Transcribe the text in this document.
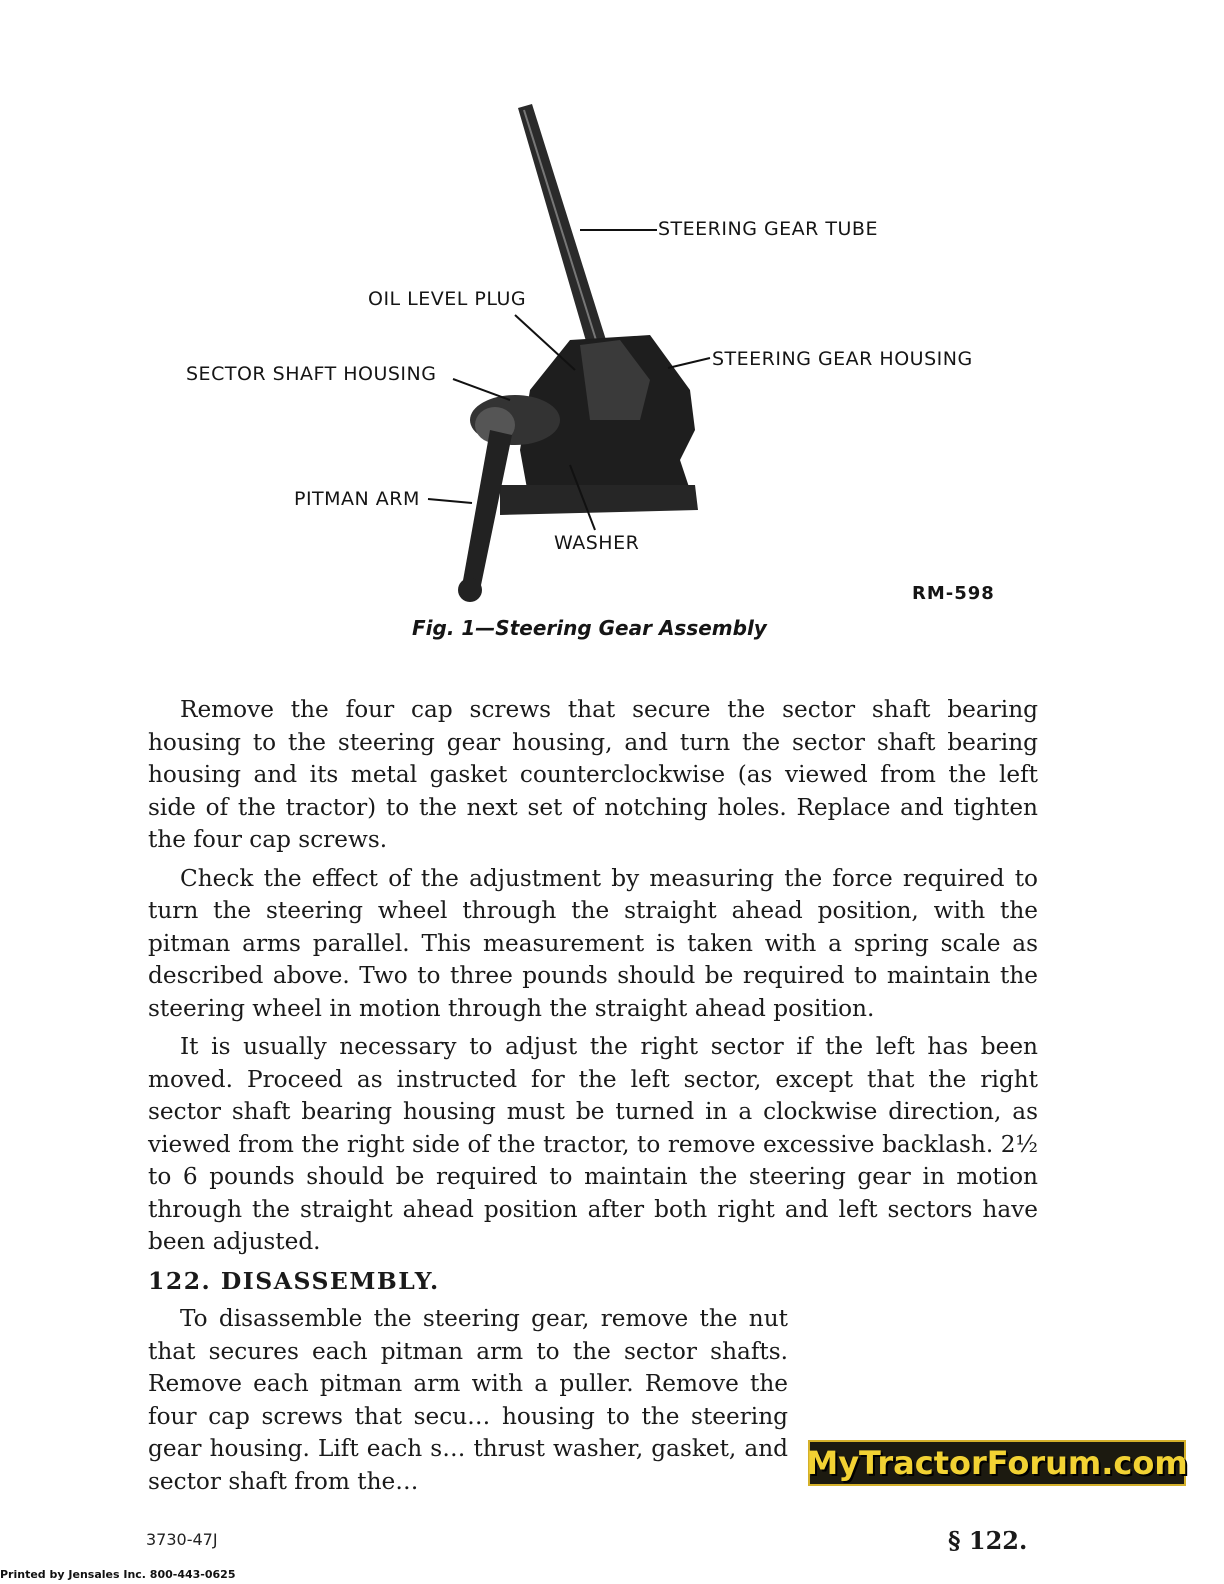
STEERING GEAR TUBE
OIL LEVEL PLUG
STEERING GEAR HOUSING
SECTOR SHAFT HOUSING
PITMAN ARM
WASHER
RM-598
Fig. 1—Steering Gear Assembly

Remove the four cap screws that secure the sector shaft bearing housing to the steering gear housing, and turn the sector shaft bearing housing and its metal gasket counterclockwise (as viewed from the left side of the tractor) to the next set of notching holes. Replace and tighten the four cap screws.

Check the effect of the adjustment by measuring the force required to turn the steering wheel through the straight ahead position, with the pitman arms parallel. This measurement is taken with a spring scale as described above. Two to three pounds should be required to maintain the steering wheel in motion through the straight ahead position.

It is usually necessary to adjust the right sector if the left has been moved. Proceed as instructed for the left sector, except that the right sector shaft bearing housing must be turned in a clockwise direction, as viewed from the right side of the tractor, to remove excessive backlash. 2½ to 6 pounds should be required to maintain the steering gear in motion through the straight ahead position after both right and left sectors have been adjusted.

122. DISASSEMBLY.

To disassemble the steering gear, remove the nut that secures each pitman arm to the sector shafts. Remove each pitman arm with a puller. Remove the four cap screws that secu… housing to the steering gear housing. Lift each s… thrust washer, gasket, and sector shaft from the…	MyTractorForum.com
3730-47J	§ 122.
Printed by Jensales Inc. 800-443-0625
